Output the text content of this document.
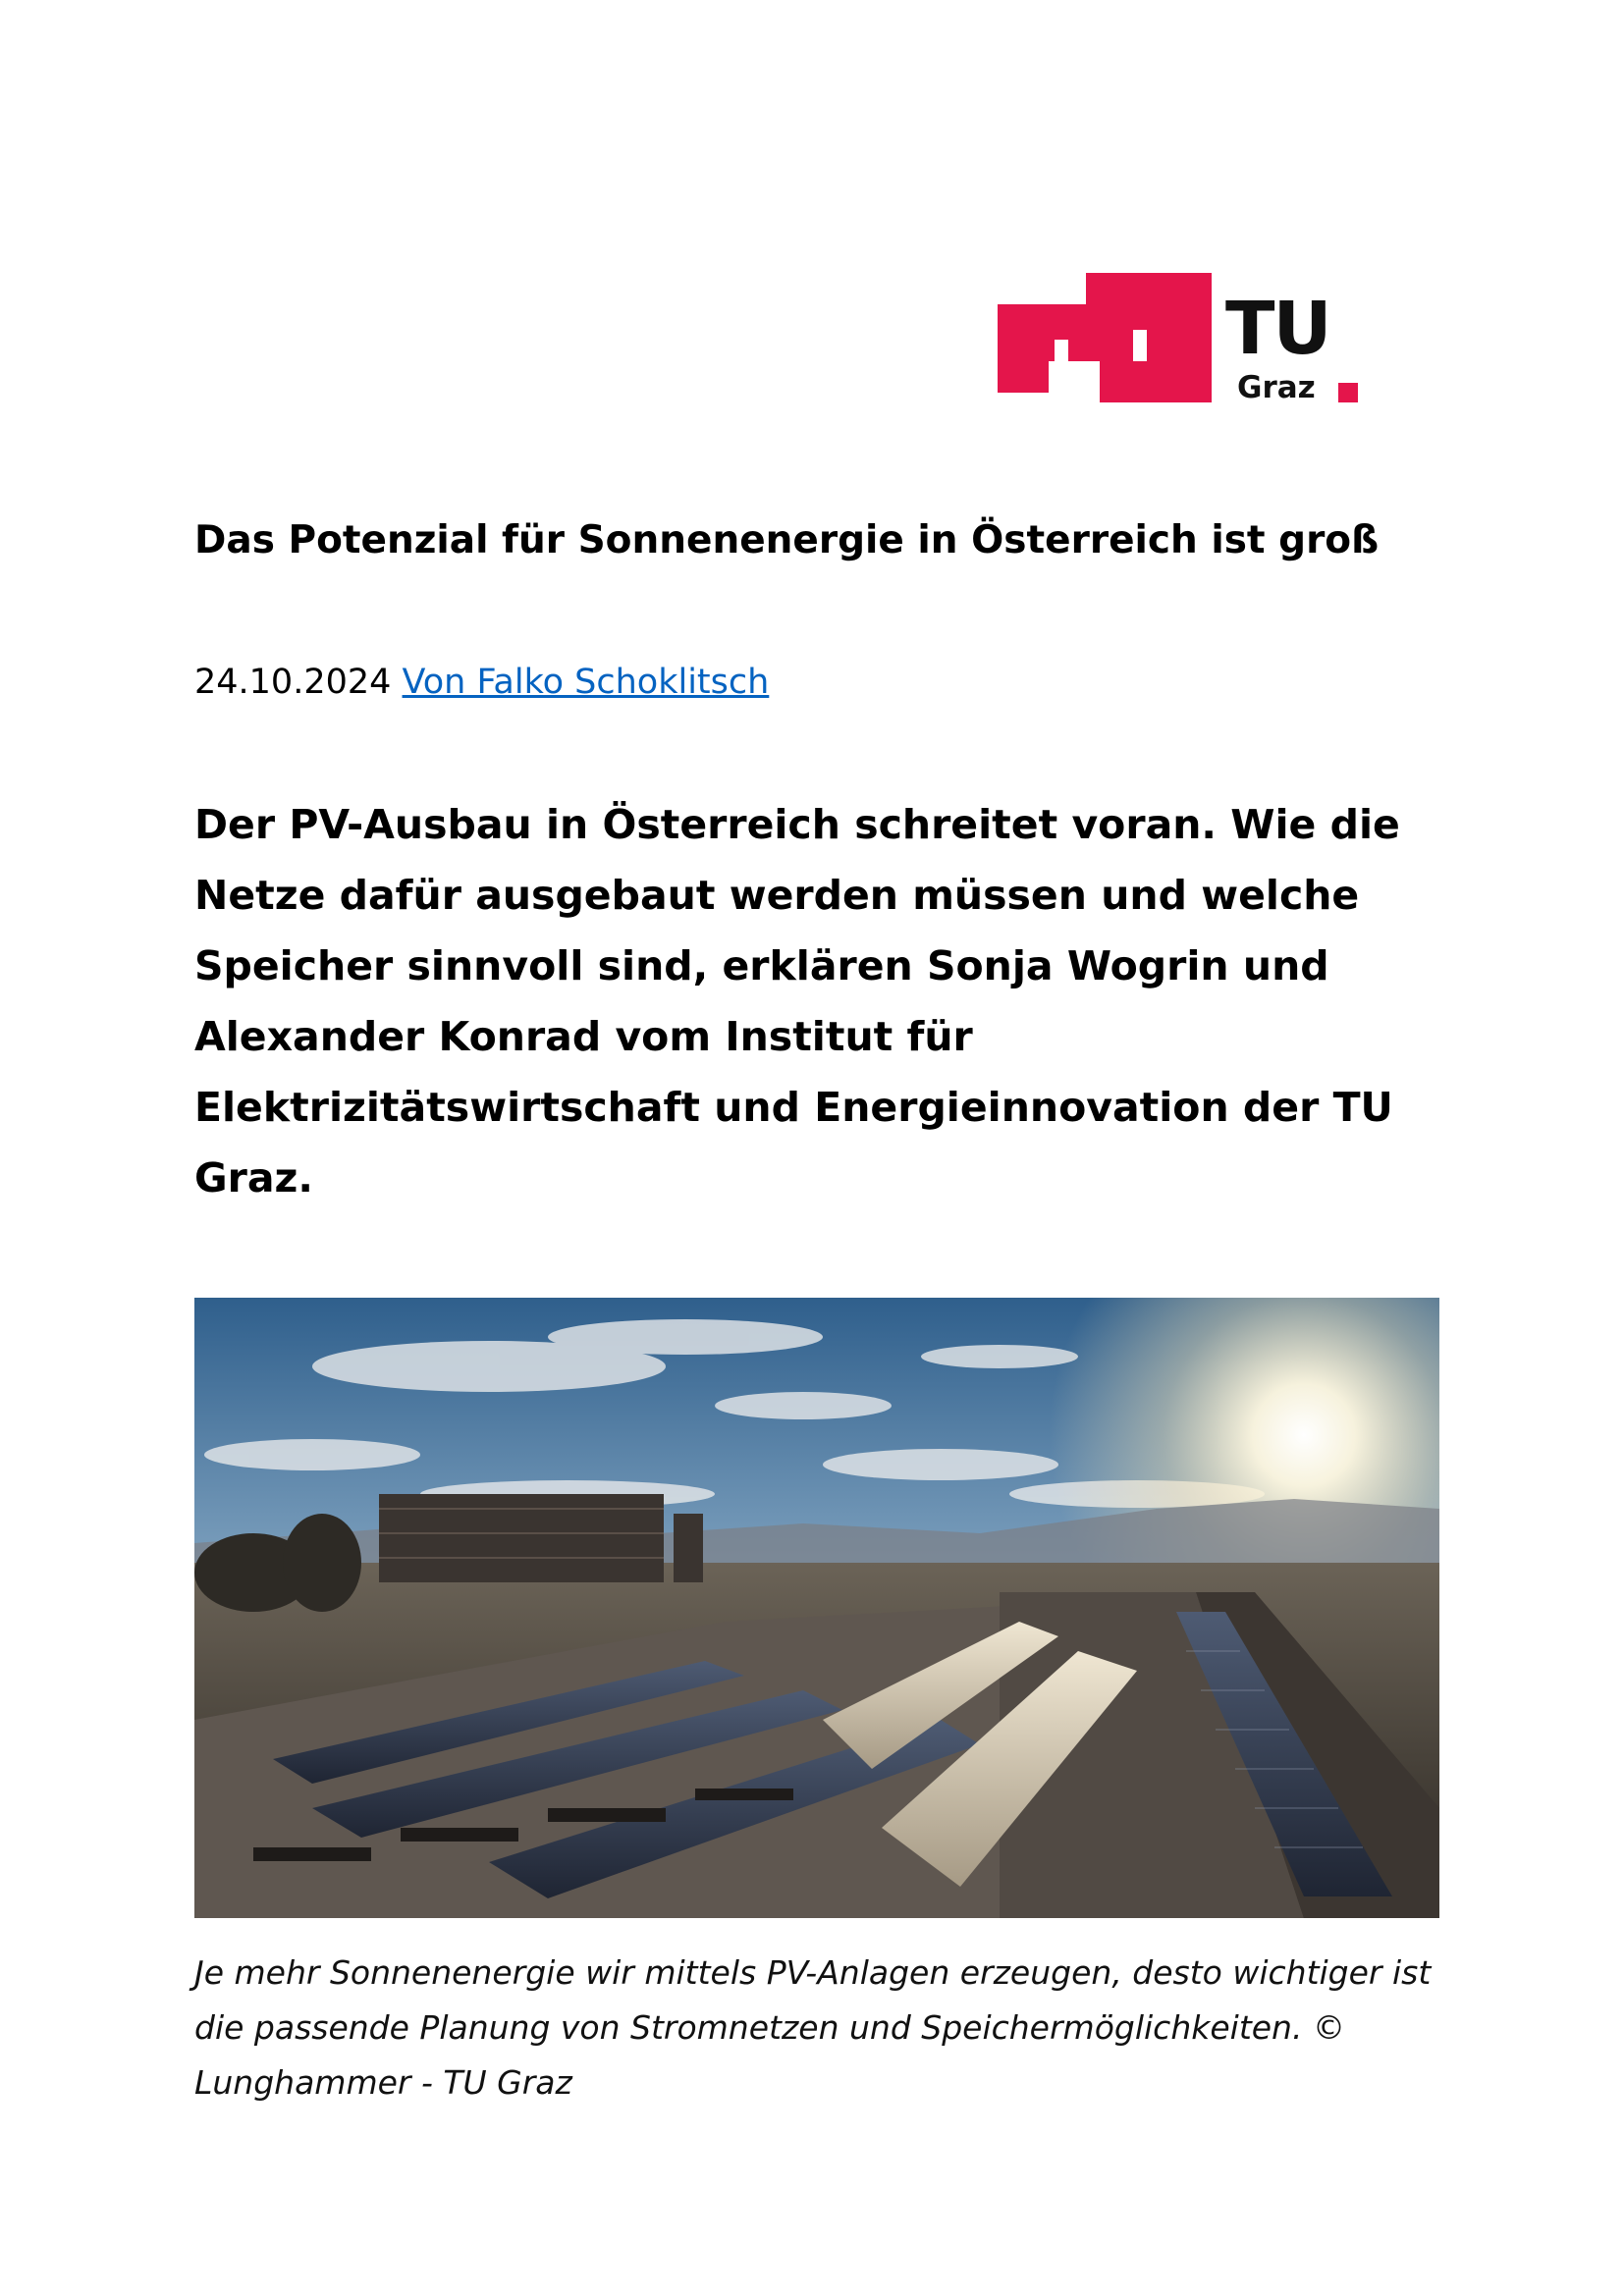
TU
Graz
Das Potenzial für Sonnenenergie in Österreich ist groß
24.10.2024 Von Falko Schoklitsch

Der PV-Ausbau in Österreich schreitet voran. Wie die Netze dafür ausgebaut werden müssen und welche Speicher sinnvoll sind, erklären Sonja Wogrin und Alexander Konrad vom Institut für Elektrizitätswirtschaft und Energieinnovation der TU Graz.

Je mehr Sonnenenergie wir mittels PV-Anlagen erzeugen, desto wichtiger ist die passende Planung von Stromnetzen und Speichermöglichkeiten. © Lunghammer - TU Graz
